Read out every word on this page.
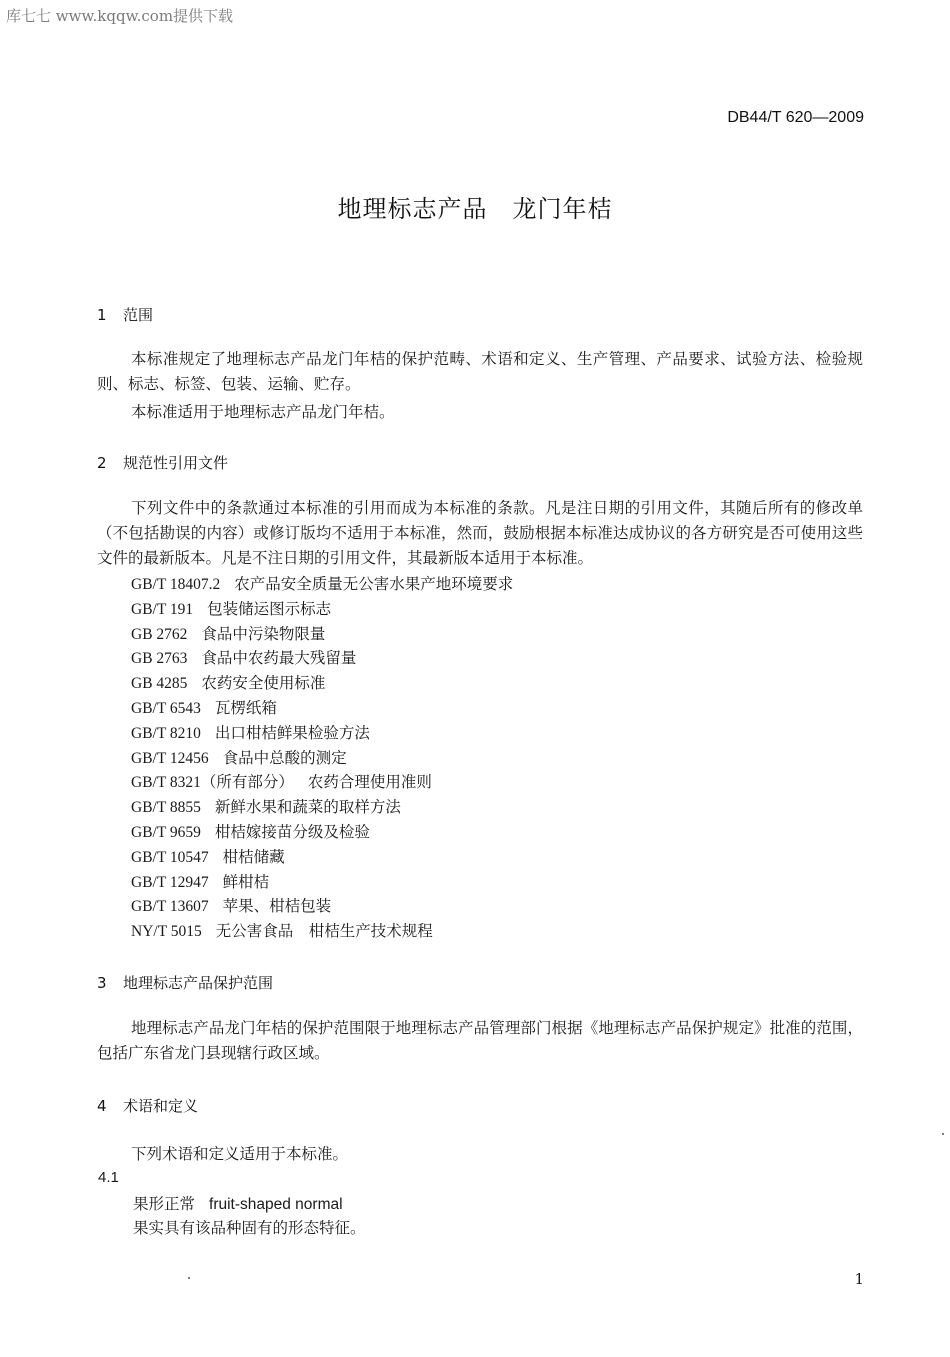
库七七 www.kqqw.com提供下载
DB44/T 620—2009
地理标志产品　龙门年桔
1 范围

本标准规定了地理标志产品龙门年桔的保护范畴、术语和定义、生产管理、产品要求、试验方法、检验规则、标志、标签、包装、运输、贮存。

本标准适用于地理标志产品龙门年桔。
2 规范性引用文件

下列文件中的条款通过本标准的引用而成为本标准的条款。凡是注日期的引用文件，其随后所有的修改单（不包括勘误的内容）或修订版均不适用于本标准，然而，鼓励根据本标准达成协议的各方研究是否可使用这些文件的最新版本。凡是不注日期的引用文件，其最新版本适用于本标准。

GB/T 18407.2 农产品安全质量无公害水果产地环境要求
GB/T 191 包装储运图示标志
GB 2762 食品中污染物限量
GB 2763 食品中农药最大残留量
GB 4285 农药安全使用标准
GB/T 6543 瓦楞纸箱
GB/T 8210 出口柑桔鲜果检验方法
GB/T 12456 食品中总酸的测定
GB/T 8321（所有部分） 农药合理使用准则
GB/T 8855 新鲜水果和蔬菜的取样方法
GB/T 9659 柑桔嫁接苗分级及检验
GB/T 10547 柑桔储藏
GB/T 12947 鲜柑桔
GB/T 13607 苹果、柑桔包装
NY/T 5015 无公害食品　柑桔生产技术规程
3 地理标志产品保护范围

地理标志产品龙门年桔的保护范围限于地理标志产品管理部门根据《地理标志产品保护规定》批准的范围，包括广东省龙门县现辖行政区域。

4 术语和定义
下列术语和定义适用于本标准。
4.1
果形正常 fruit-shaped normal
果实具有该品种固有的形态特征。
1
